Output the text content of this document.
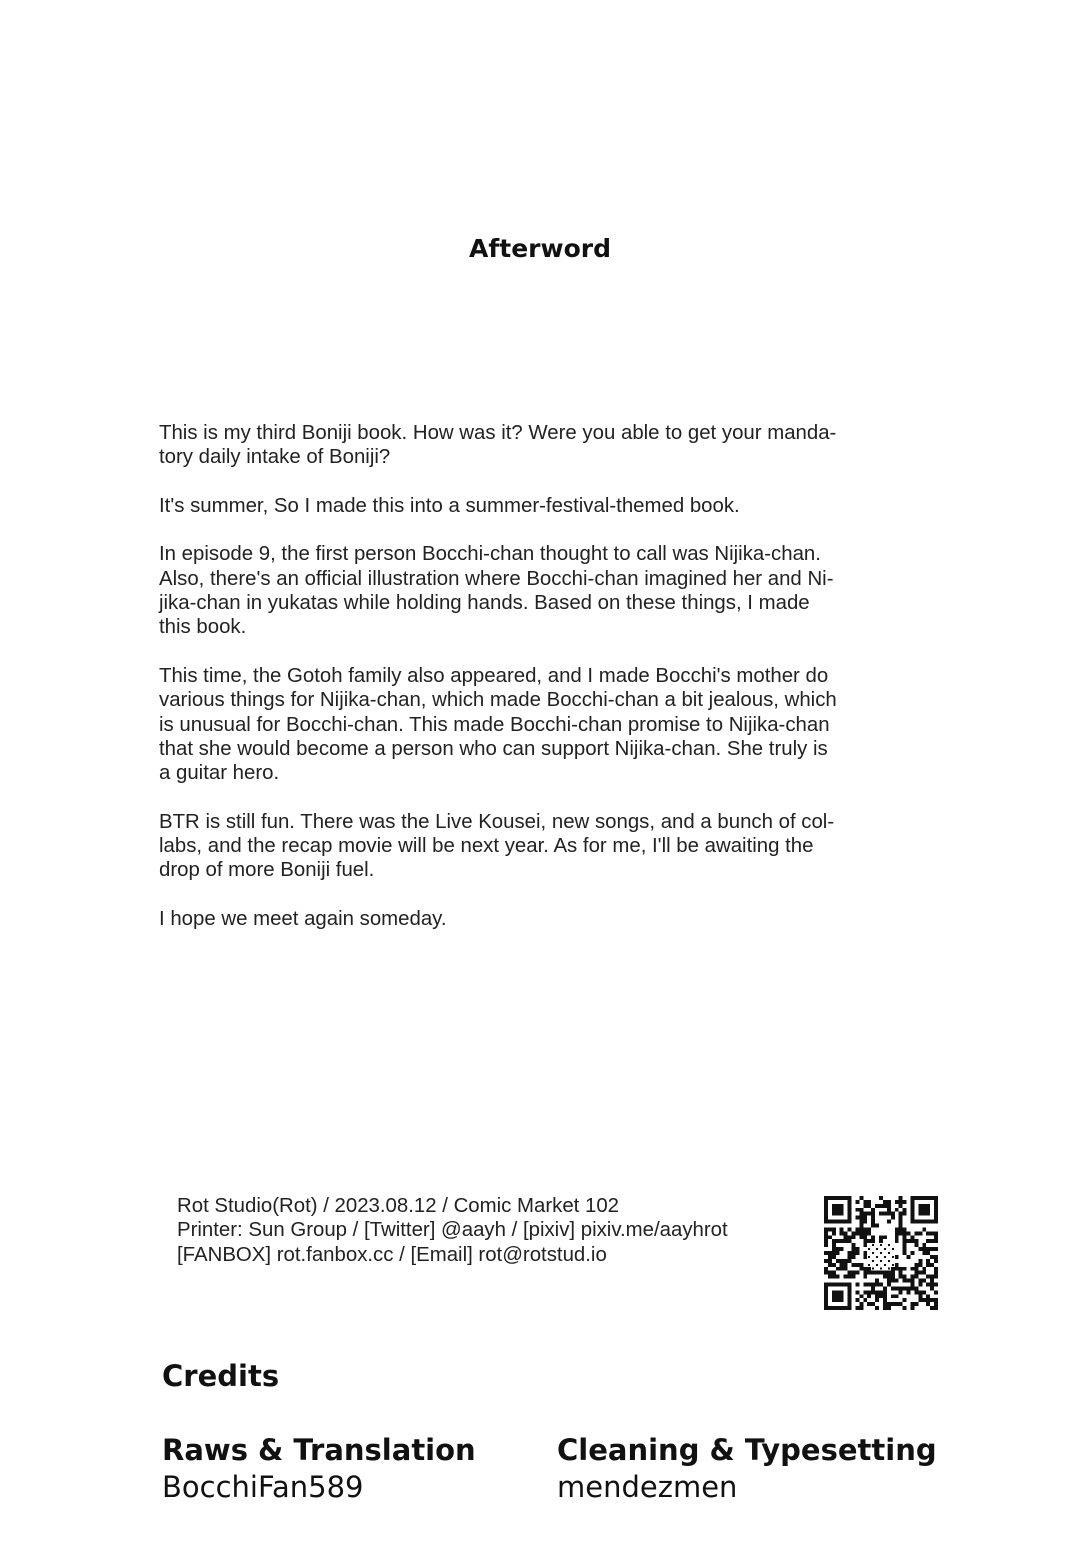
Afterword

This is my third Boniji book. How was it? Were you able to get your manda-
tory daily intake of Boniji?

It's summer, So I made this into a summer-festival-themed book.

In episode 9, the first person Bocchi-chan thought to call was Nijika-chan.
Also, there's an official illustration where Bocchi-chan imagined her and Ni-
jika-chan in yukatas while holding hands. Based on these things, I made
this book.

This time, the Gotoh family also appeared, and I made Bocchi's mother do
various things for Nijika-chan, which made Bocchi-chan a bit jealous, which
is unusual for Bocchi-chan. This made Bocchi-chan promise to Nijika-chan
that she would become a person who can support Nijika-chan. She truly is
a guitar hero.

BTR is still fun. There was the Live Kousei, new songs, and a bunch of col-
labs, and the recap movie will be next year. As for me, I'll be awaiting the
drop of more Boniji fuel.

I hope we meet again someday.

Rot Studio(Rot) / 2023.08.12 / Comic Market 102
Printer: Sun Group / [Twitter] @aayh / [pixiv] pixiv.me/aayhrot
[FANBOX] rot.fanbox.cc / [Email] rot@rotstud.io
Credits
Raws & Translation
BocchiFan589
Cleaning & Typesetting
mendezmen
